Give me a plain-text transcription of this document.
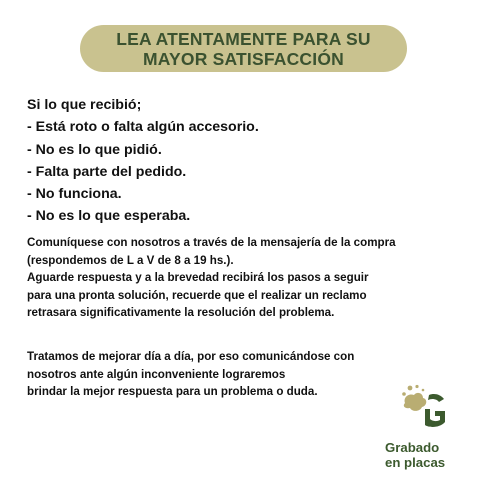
LEA ATENTAMENTE PARA SU
MAYOR SATISFACCIÓN
Si lo que recibió;
- Está roto o falta algún accesorio.
- No es lo que pidió.
- Falta parte del pedido.
- No funciona.
- No es lo que esperaba.
Comuníquese con nosotros a través de la mensajería de la compra
(respondemos de L a V de 8 a 19 hs.).
Aguarde respuesta y a la brevedad recibirá los pasos a seguir
para una pronta solución, recuerde que el realizar un reclamo
retrasara significativamente la resolución del problema.
Tratamos de mejorar día a día, por eso comunicándose con
nosotros ante algún inconveniente lograremos
brindar la mejor respuesta para un problema o duda.
Grabado
en placas
